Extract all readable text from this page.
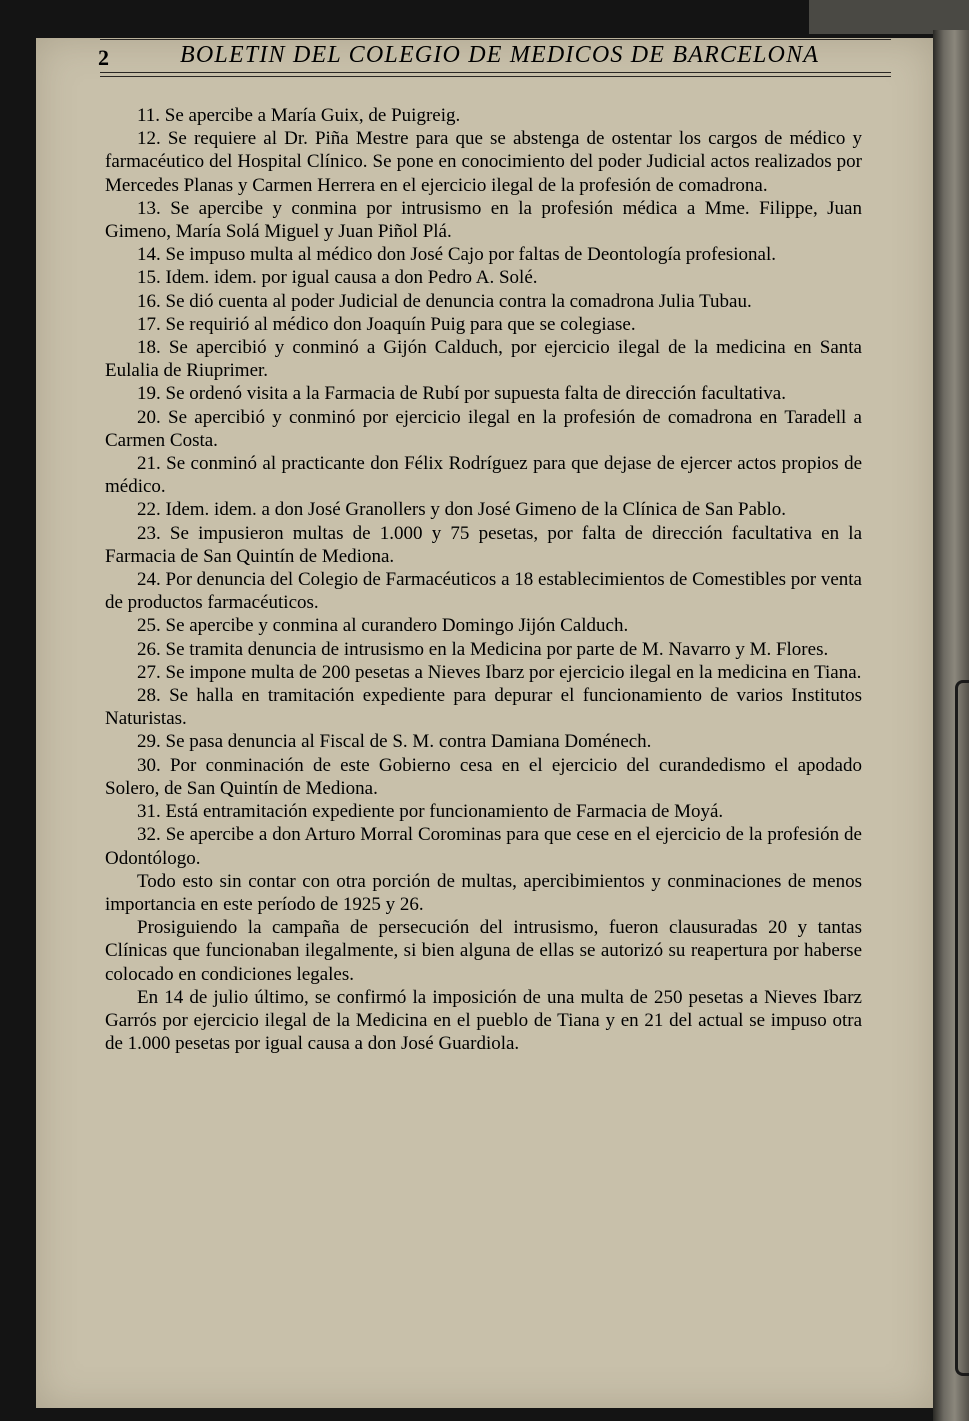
2	BOLETIN DEL COLEGIO DE MEDICOS DE BARCELONA

11. Se apercibe a María Guix, de Puigreig.

12. Se requiere al Dr. Piña Mestre para que se abstenga de ostentar los cargos de médico y farmacéutico del Hospital Clínico. Se pone en conocimiento del poder Judicial actos realizados por Mercedes Planas y Carmen Herrera en el ejercicio ilegal de la profesión de comadrona.

13. Se apercibe y conmina por intrusismo en la profesión médica a Mme. Filippe, Juan Gimeno, María Solá Miguel y Juan Piñol Plá.

14. Se impuso multa al médico don José Cajo por faltas de Deontología profesional.

15. Idem. idem. por igual causa a don Pedro A. Solé.

16. Se dió cuenta al poder Judicial de denuncia contra la comadrona Julia Tubau.

17. Se requirió al médico don Joaquín Puig para que se colegiase.

18. Se apercibió y conminó a Gijón Calduch, por ejercicio ilegal de la medicina en Santa Eulalia de Riuprimer.

19. Se ordenó visita a la Farmacia de Rubí por supuesta falta de dirección facultativa.

20. Se apercibió y conminó por ejercicio ilegal en la profesión de comadrona en Taradell a Carmen Costa.

21. Se conminó al practicante don Félix Rodríguez para que dejase de ejercer actos propios de médico.

22. Idem. idem. a don José Granollers y don José Gimeno de la Clínica de San Pablo.

23. Se impusieron multas de 1.000 y 75 pesetas, por falta de dirección facultativa en la Farmacia de San Quintín de Mediona.

24. Por denuncia del Colegio de Farmacéuticos a 18 establecimientos de Comestibles por venta de productos farmacéuticos.

25. Se apercibe y conmina al curandero Domingo Jijón Calduch.

26. Se tramita denuncia de intrusismo en la Medicina por parte de M. Navarro y M. Flores.

27. Se impone multa de 200 pesetas a Nieves Ibarz por ejercicio ilegal en la medicina en Tiana.

28. Se halla en tramitación expediente para depurar el funcionamiento de varios Institutos Naturistas.

29. Se pasa denuncia al Fiscal de S. M. contra Damiana Doménech.

30. Por conminación de este Gobierno cesa en el ejercicio del curandedismo el apodado Solero, de San Quintín de Mediona.

31. Está entramitación expediente por funcionamiento de Farmacia de Moyá.

32. Se apercibe a don Arturo Morral Corominas para que cese en el ejercicio de la profesión de Odontólogo.

Todo esto sin contar con otra porción de multas, apercibimientos y conminaciones de menos importancia en este período de 1925 y 26.

Prosiguiendo la campaña de persecución del intrusismo, fueron clausuradas 20 y tantas Clínicas que funcionaban ilegalmente, si bien alguna de ellas se autorizó su reapertura por haberse colocado en condiciones legales.

En 14 de julio último, se confirmó la imposición de una multa de 250 pesetas a Nieves Ibarz Garrós por ejercicio ilegal de la Medicina en el pueblo de Tiana y en 21 del actual se impuso otra de 1.000 pesetas por igual causa a don José Guardiola.
